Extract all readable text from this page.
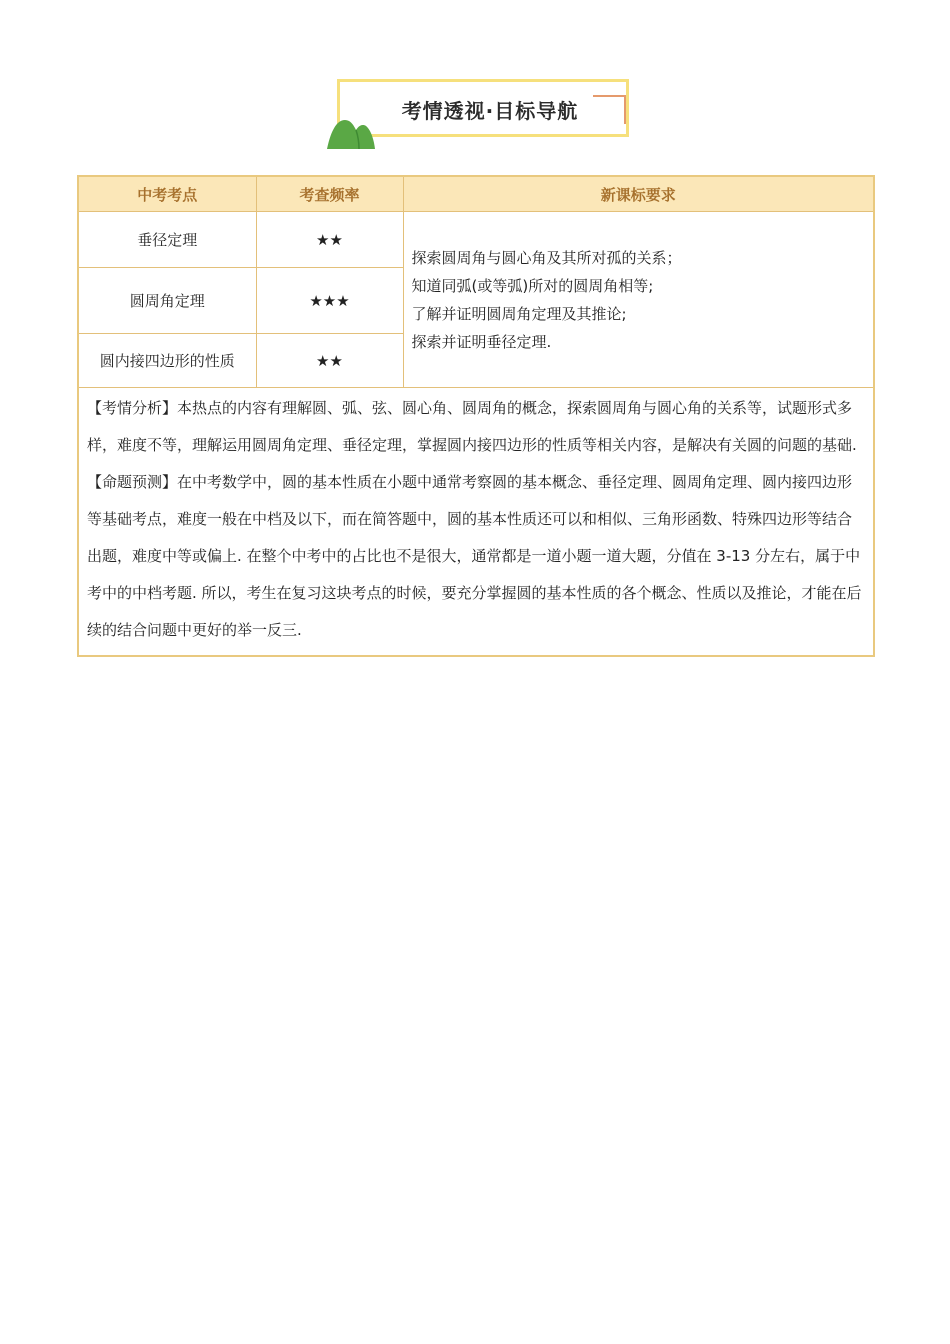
考情透视·目标导航
中考考点	考查频率	新课标要求
垂径定理	★★	探索圆周角与圆心角及其所对孤的关系；
知道同弧(或等弧)所对的圆周角相等;
了解并证明圆周角定理及其推论;
探索并证明垂径定理.

圆周角定理	★★★	
圆内接四边形的性质	★★	

【考情分析】本热点的内容有理解圆、弧、弦、圆心角、圆周角的概念，探索圆周角与圆心角的关系等，试题形式多样，难度不等，理解运用圆周角定理、垂径定理，掌握圆内接四边形的性质等相关内容，是解决有关圆的问题的基础.

【命题预测】在中考数学中，圆的基本性质在小题中通常考察圆的基本概念、垂径定理、圆周角定理、圆内接四边形等基础考点，难度一般在中档及以下，而在简答题中，圆的基本性质还可以和相似、三角形函数、特殊四边形等结合出题，难度中等或偏上. 在整个中考中的占比也不是很大，通常都是一道小题一道大题，分值在 3-13 分左右，属于中考中的中档考题. 所以，考生在复习这块考点的时候，要充分掌握圆的基本性质的各个概念、性质以及推论，才能在后续的结合问题中更好的举一反三.		
